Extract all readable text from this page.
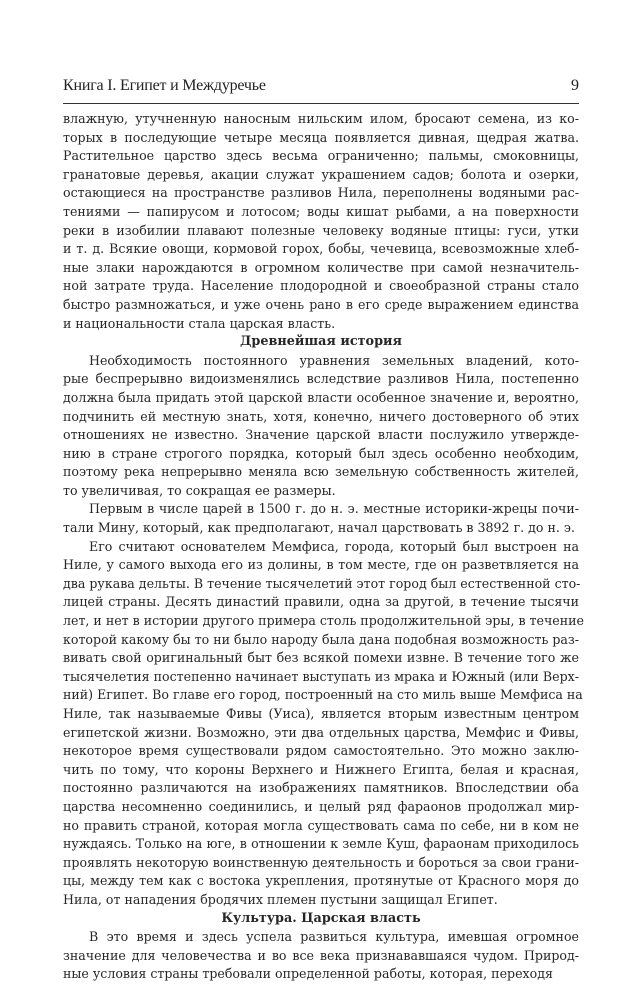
Книга I. Египет и Междуречье	9
влажную, утучненную наносным нильским илом, бросают семена, из ко-
торых в последующие четыре месяца появляется дивная, щедрая жатва.
Растительное царство здесь весьма ограниченно; пальмы, смоковницы,
гранатовые деревья, акации служат украшением садов; болота и озерки,
остающиеся на пространстве разливов Нила, переполнены водяными рас-
тениями — папирусом и лотосом; воды кишат рыбами, а на поверхности
реки в изобилии плавают полезные человеку водяные птицы: гуси, утки
и т. д. Всякие овощи, кормовой горох, бобы, чечевица, всевозможные хлеб-
ные злаки нарождаются в огромном количестве при самой незначитель-
ной затрате труда. Население плодородной и своеобразной страны стало
быстро размножаться, и уже очень рано в его среде выражением единства
и национальности стала царская власть.
Древнейшая история
Необходимость постоянного уравнения земельных владений, кото-
рые беспрерывно видоизменялись вследствие разливов Нила, постепенно
должна была придать этой царской власти особенное значение и, вероятно,
подчинить ей местную знать, хотя, конечно, ничего достоверного об этих
отношениях не известно. Значение царской власти послужило утвержде-
нию в стране строгого порядка, который был здесь особенно необходим,
поэтому река непрерывно меняла всю земельную собственность жителей,
то увеличивая, то сокращая ее размеры.
Первым в числе царей в 1500 г. до н. э. местные историки-жрецы почи-
тали Мину, который, как предполагают, начал царствовать в 3892 г. до н. э.
Его считают основателем Мемфиса, города, который был выстроен на
Ниле, у самого выхода его из долины, в том месте, где он разветвляется на
два рукава дельты. В течение тысячелетий этот город был естественной сто-
лицей страны. Десять династий правили, одна за другой, в течение тысячи
лет, и нет в истории другого примера столь продолжительной эры, в течение
которой какому бы то ни было народу была дана подобная возможность раз-
вивать свой оригинальный быт без всякой помехи извне. В течение того же
тысячелетия постепенно начинает выступать из мрака и Южный (или Верх-
ний) Египет. Во главе его город, построенный на сто миль выше Мемфиса на
Ниле, так называемые Фивы (Уиса), является вторым известным центром
египетской жизни. Возможно, эти два отдельных царства, Мемфис и Фивы,
некоторое время существовали рядом самостоятельно. Это можно заклю-
чить по тому, что короны Верхнего и Нижнего Египта, белая и красная,
постоянно различаются на изображениях памятников. Впоследствии оба
царства несомненно соединились, и целый ряд фараонов продолжал мир-
но править страной, которая могла существовать сама по себе, ни в ком не
нуждаясь. Только на юге, в отношении к земле Куш, фараонам приходилось
проявлять некоторую воинственную деятельность и бороться за свои грани-
цы, между тем как с востока укрепления, протянутые от Красного моря до
Нила, от нападения бродячих племен пустыни защищал Египет.
Культура. Царская власть
В это время и здесь успела развиться культура, имевшая огромное
значение для человечества и во все века признававшаяся чудом. Природ-
ные условия страны требовали определенной работы, которая, переходя
